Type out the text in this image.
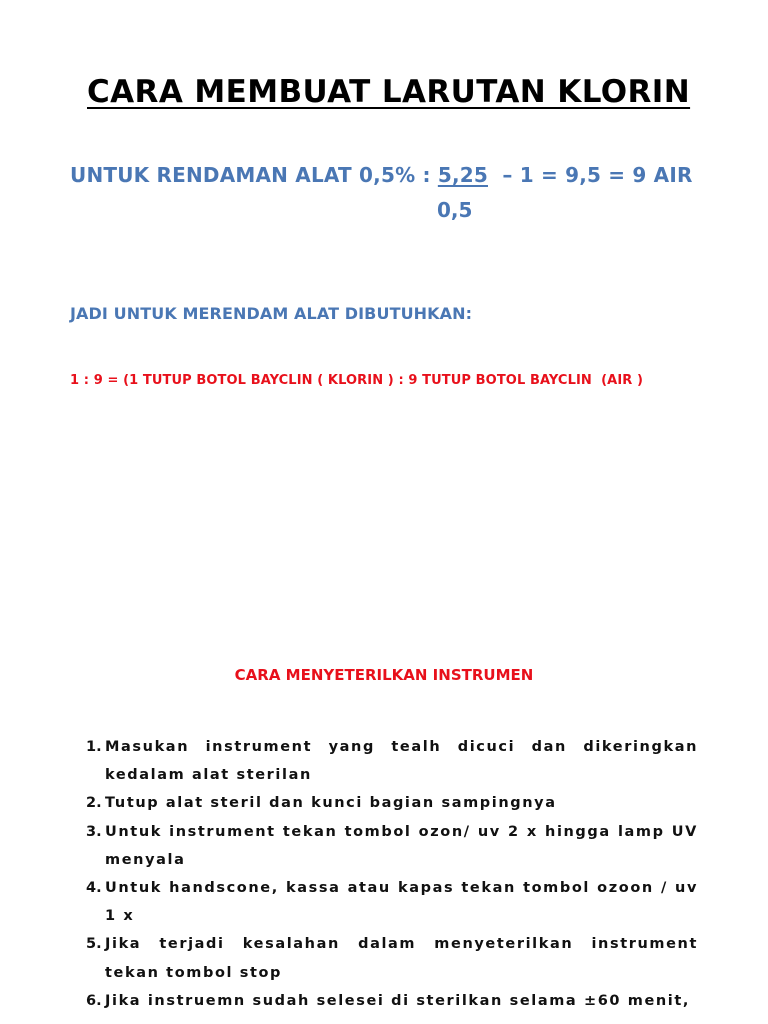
CARA MEMBUAT LARUTAN KLORIN
UNTUK RENDAMAN ALAT 0,5% : 5,25  – 1 = 9,5 = 9 AIR
0,5
JADI UNTUK MERENDAM ALAT DIBUTUHKAN:
1 : 9 = (1 TUTUP BOTOL BAYCLIN ( KLORIN ) : 9 TUTUP BOTOL BAYCLIN  (AIR )
CARA MENYETERILKAN INSTRUMEN
1. Masukan instrument yang tealh dicuci dan dikeringkan kedalam alat sterilan
2. Tutup alat steril dan kunci bagian sampingnya
3. Untuk instrument tekan tombol ozon/ uv 2 x hingga lamp UV menyala
4. Untuk handscone, kassa atau kapas tekan tombol ozoon / uv 1 x
5. Jika terjadi kesalahan dalam menyeterilkan instrument tekan tombol stop
6. Jika instruemn sudah selesei di sterilkan selama ±60 menit,
